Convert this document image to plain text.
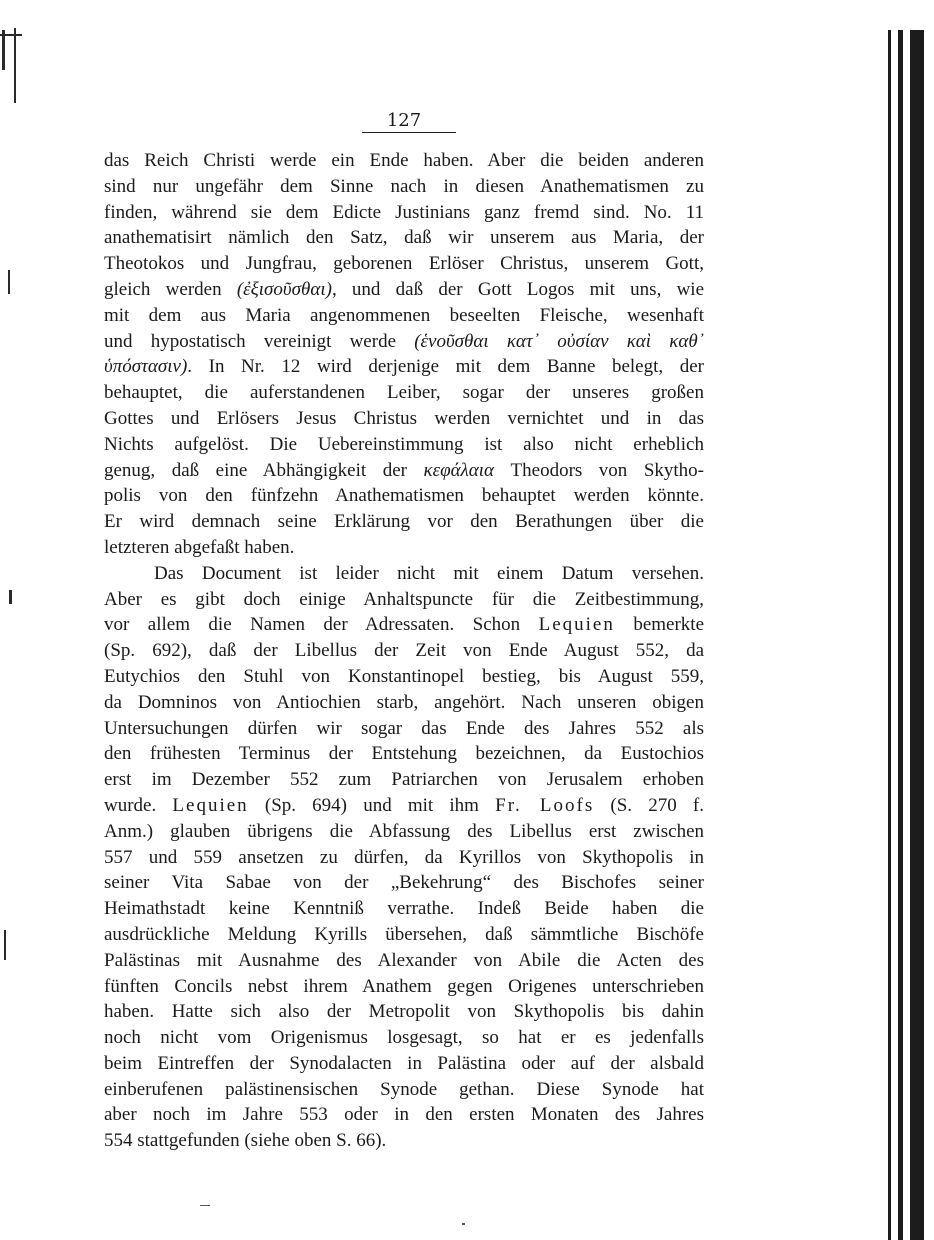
127
das Reich Christi werde ein Ende haben. Aber die beiden anderen
sind nur ungefähr dem Sinne nach in diesen Anathematismen zu
finden, während sie dem Edicte Justinians ganz fremd sind. No. 11
anathematisirt nämlich den Satz, daß wir unserem aus Maria, der
Theotokos und Jungfrau, geborenen Erlöser Christus, unserem Gott,
gleich werden (ἐξισοῦσθαι), und daß der Gott Logos mit uns, wie
mit dem aus Maria angenommenen beseelten Fleische, wesenhaft
und hypostatisch vereinigt werde (ἑνοῦσθαι κατ᾽ οὐσίαν καὶ καθ᾽
ὑπόστασιν). In Nr. 12 wird derjenige mit dem Banne belegt, der
behauptet, die auferstandenen Leiber, sogar der unseres großen
Gottes und Erlösers Jesus Christus werden vernichtet und in das
Nichts aufgelöst. Die Uebereinstimmung ist also nicht erheblich
genug, daß eine Abhängigkeit der κεφάλαια Theodors von Skytho-
polis von den fünfzehn Anathematismen behauptet werden könnte.
Er wird demnach seine Erklärung vor den Berathungen über die
letzteren abgefaßt haben.
Das Document ist leider nicht mit einem Datum versehen.
Aber es gibt doch einige Anhaltspuncte für die Zeitbestimmung,
vor allem die Namen der Adressaten. Schon Lequien bemerkte
(Sp. 692), daß der Libellus der Zeit von Ende August 552, da
Eutychios den Stuhl von Konstantinopel bestieg, bis August 559,
da Domninos von Antiochien starb, angehört. Nach unseren obigen
Untersuchungen dürfen wir sogar das Ende des Jahres 552 als
den frühesten Terminus der Entstehung bezeichnen, da Eustochios
erst im Dezember 552 zum Patriarchen von Jerusalem erhoben
wurde. Lequien (Sp. 694) und mit ihm Fr. Loofs (S. 270 f.
Anm.) glauben übrigens die Abfassung des Libellus erst zwischen
557 und 559 ansetzen zu dürfen, da Kyrillos von Skythopolis in
seiner Vita Sabae von der „Bekehrung“ des Bischofes seiner
Heimathstadt keine Kenntniß verrathe. Indeß Beide haben die
ausdrückliche Meldung Kyrills übersehen, daß sämmtliche Bischöfe
Palästinas mit Ausnahme des Alexander von Abile die Acten des
fünften Concils nebst ihrem Anathem gegen Origenes unterschrieben
haben. Hatte sich also der Metropolit von Skythopolis bis dahin
noch nicht vom Origenismus losgesagt, so hat er es jedenfalls
beim Eintreffen der Synodalacten in Palästina oder auf der alsbald
einberufenen palästinensischen Synode gethan. Diese Synode hat
aber noch im Jahre 553 oder in den ersten Monaten des Jahres
554 stattgefunden (siehe oben S. 66).
